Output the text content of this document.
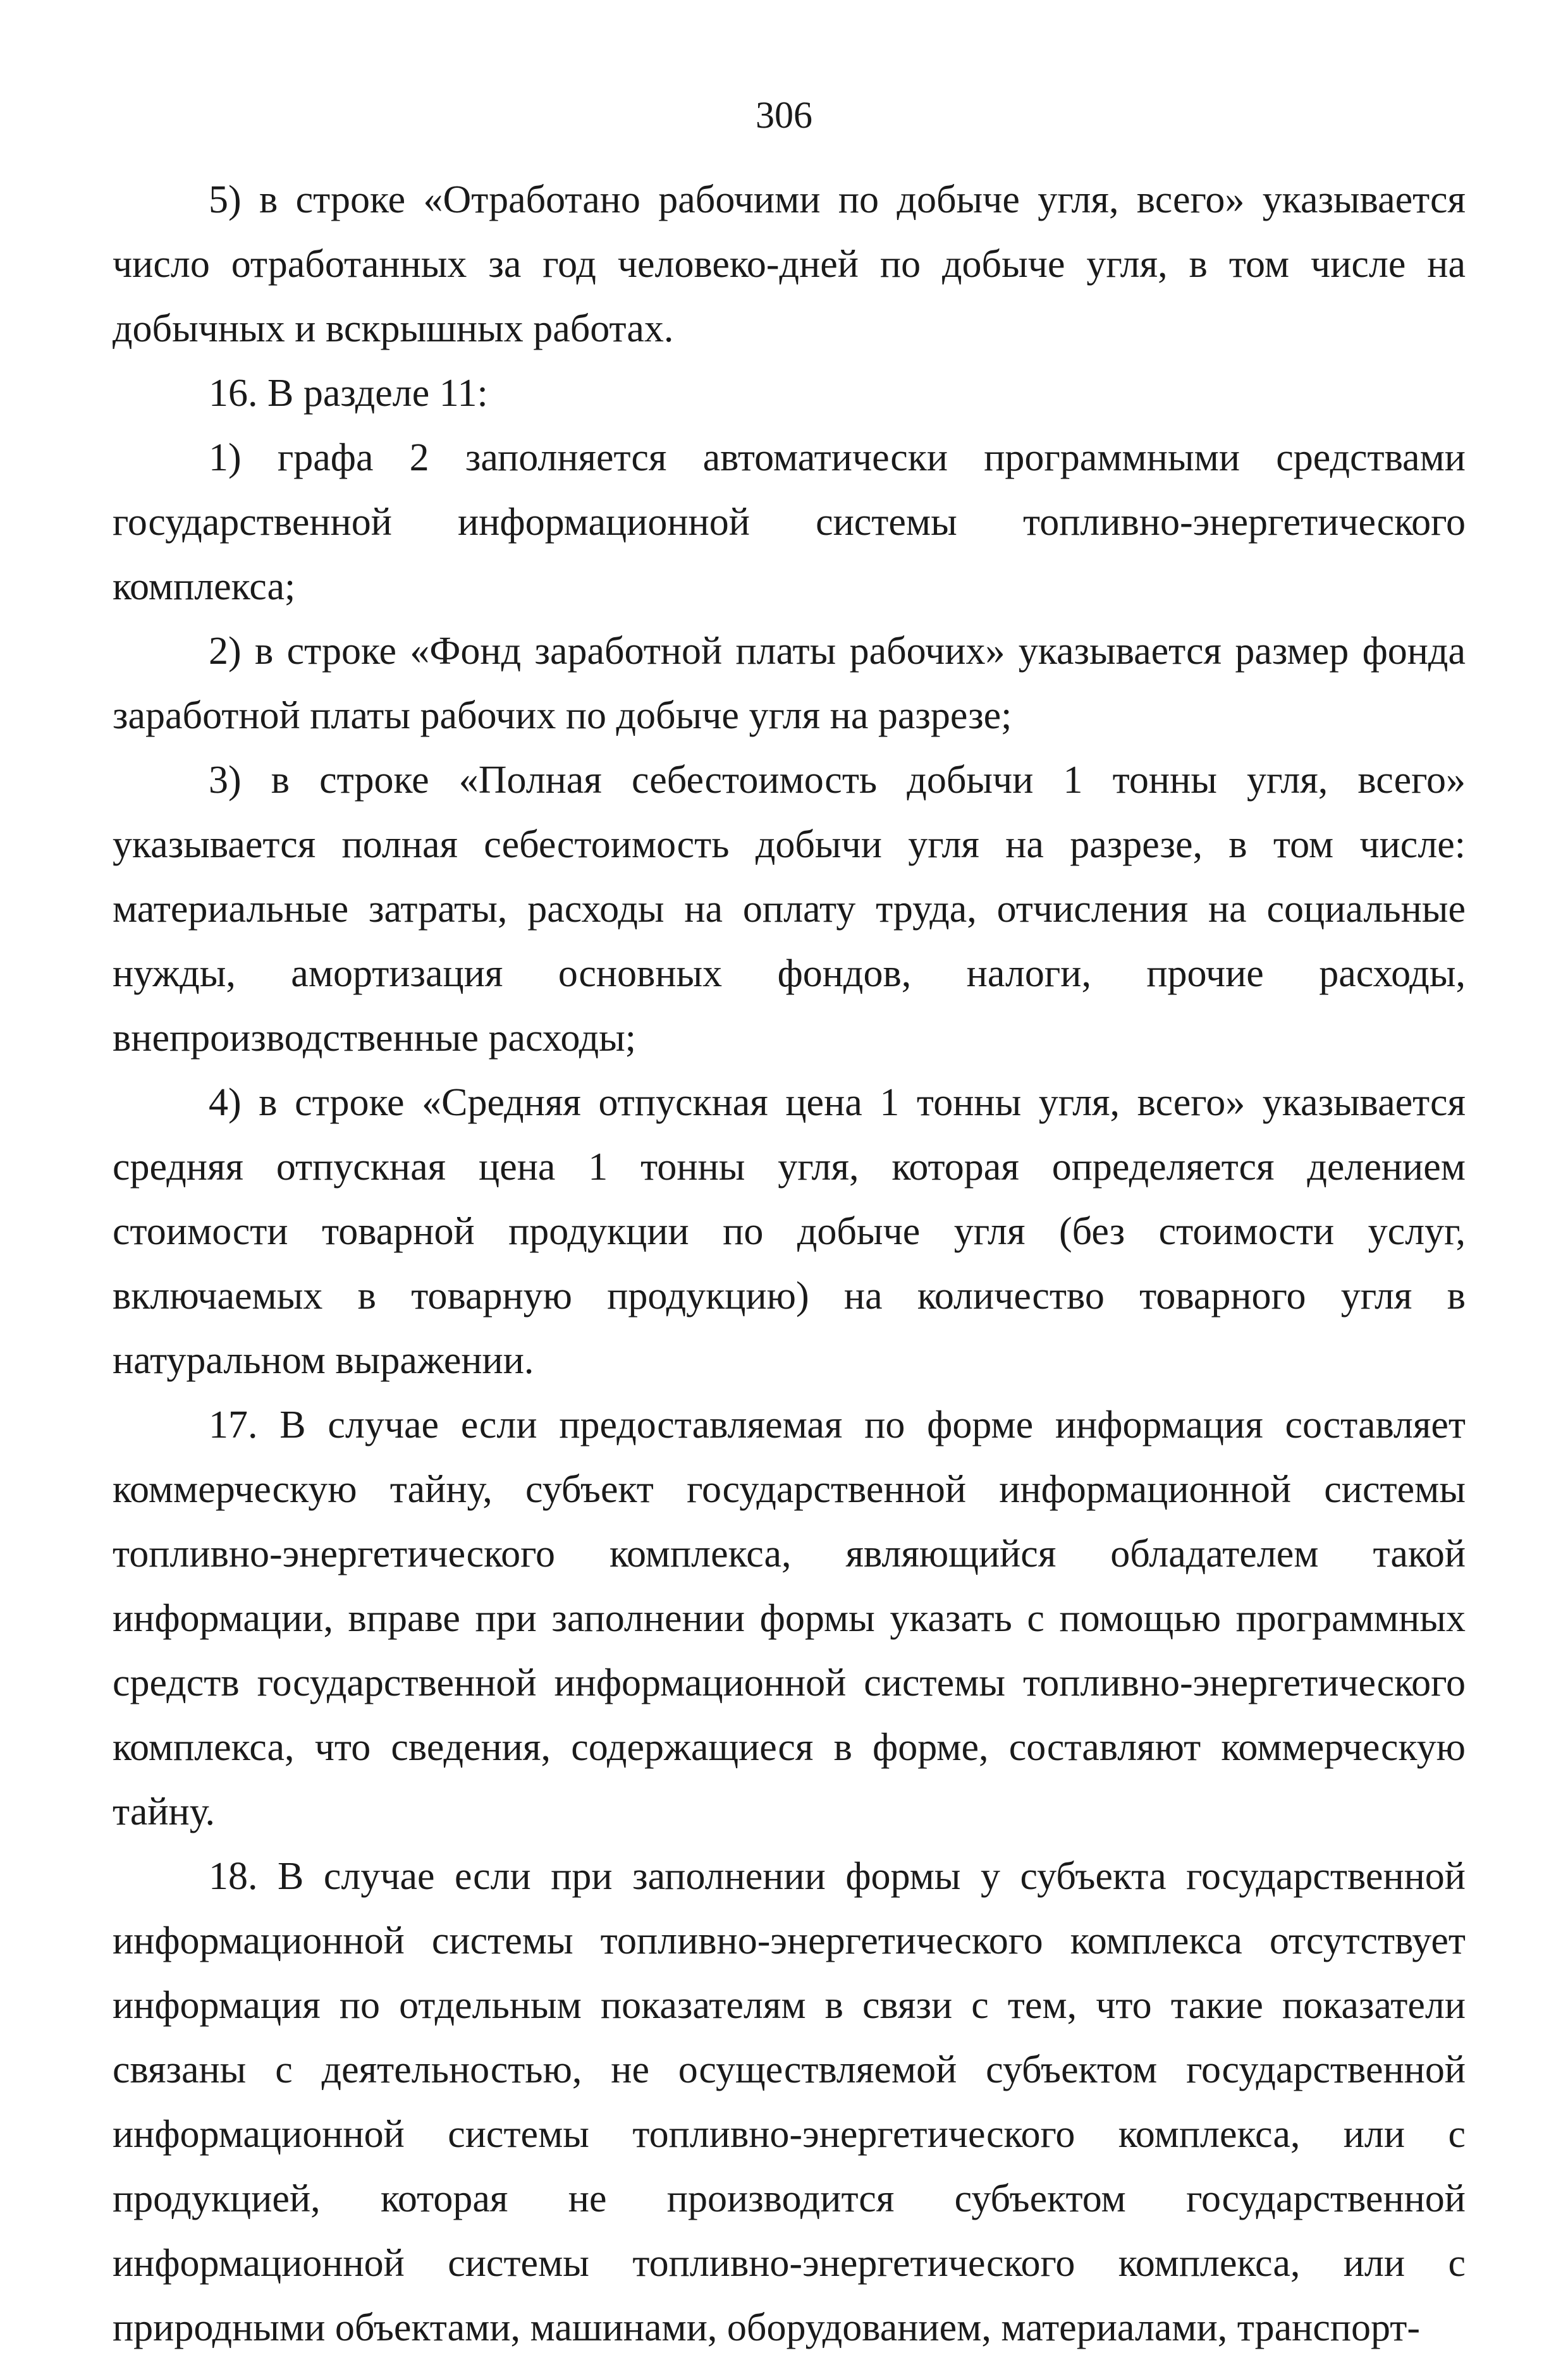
306

5) в строке «Отработано рабочими по добыче угля, всего» указывается число отработанных за год человеко-дней по добыче угля, в том числе на добычных и вскрышных работах.

16. В разделе 11:

1) графа 2 заполняется автоматически программными средствами государственной информационной системы топливно-энергетического комплекса;

2) в строке «Фонд заработной платы рабочих» указывается размер фонда заработной платы рабочих по добыче угля на разрезе;

3) в строке «Полная себестоимость добычи 1 тонны угля, всего» указывается полная себестоимость добычи угля на разрезе, в том числе: материальные затраты, расходы на оплату труда, отчисления на социальные нужды, амортизация основных фондов, налоги, прочие расходы, внепроизводственные расходы;

4) в строке «Средняя отпускная цена 1 тонны угля, всего» указывается средняя отпускная цена 1 тонны угля, которая определяется делением стоимости товарной продукции по добыче угля (без стоимости услуг, включаемых в товарную продукцию) на количество товарного угля в натуральном выражении.

17. В случае если предоставляемая по форме информация составляет коммерческую тайну, субъект государственной информационной системы топливно-энергетического комплекса, являющийся обладателем такой информации, вправе при заполнении формы указать с помощью программных средств государственной информационной системы топливно-энергетического комплекса, что сведения, содержащиеся в форме, составляют коммерческую тайну.

18. В случае если при заполнении формы у субъекта государственной информационной системы топливно-энергетического комплекса отсутствует информация по отдельным показателям в связи с тем, что такие показатели связаны с деятельностью, не осуществляемой субъектом государственной информационной системы топливно-энергетического комплекса, или с продукцией, которая не производится субъектом государственной информационной системы топливно-энергетического комплекса, или с природными объектами, машинами, оборудованием, материалами, транспорт-
